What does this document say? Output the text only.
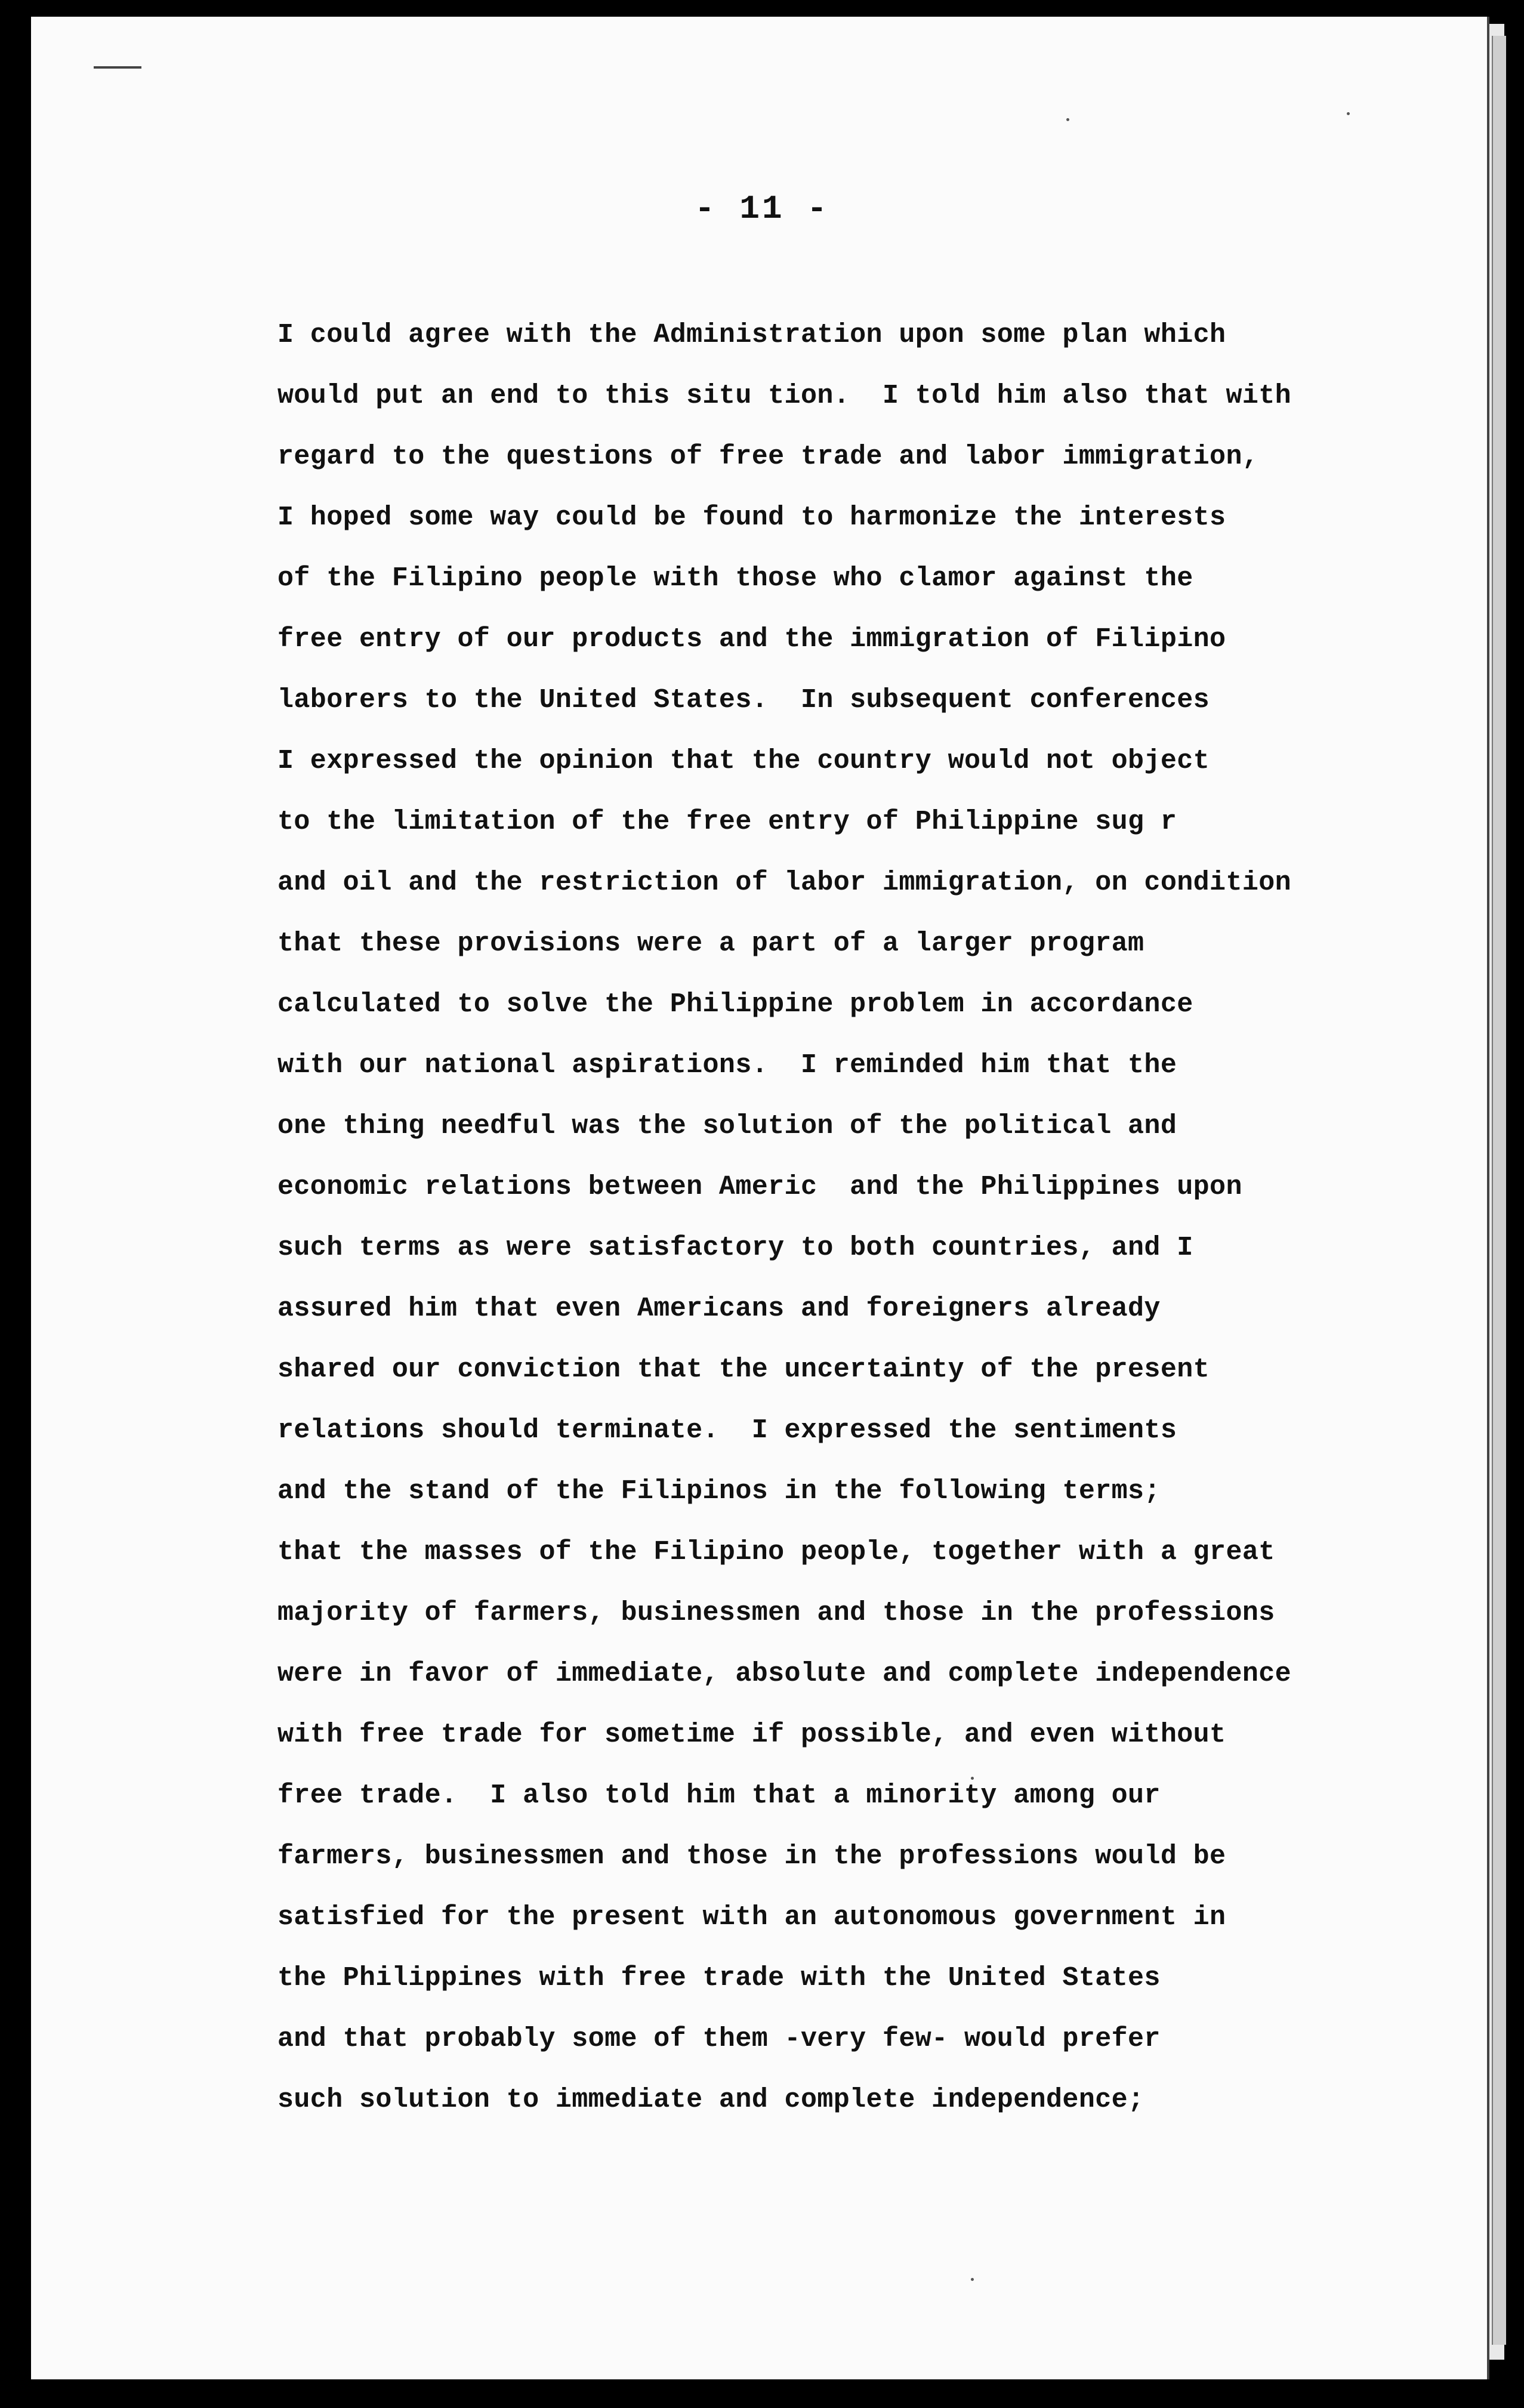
- 11 -
I could agree with the Administration upon some plan which
would put an end to this situ tion.  I told him also that with
regard to the questions of free trade and labor immigration,
I hoped some way could be found to harmonize the interests
of the Filipino people with those who clamor against the
free entry of our products and the immigration of Filipino
laborers to the United States.  In subsequent conferences
I expressed the opinion that the country would not object
to the limitation of the free entry of Philippine sug r
and oil and the restriction of labor immigration, on condition
that these provisions were a part of a larger program
calculated to solve the Philippine problem in accordance
with our national aspirations.  I reminded him that the
one thing needful was the solution of the political and
economic relations between Americ  and the Philippines upon
such terms as were satisfactory to both countries, and I
assured him that even Americans and foreigners already
shared our conviction that the uncertainty of the present
relations should terminate.  I expressed the sentiments
and the stand of the Filipinos in the following terms;
that the masses of the Filipino people, together with a great
majority of farmers, businessmen and those in the professions
were in favor of immediate, absolute and complete independence
with free trade for sometime if possible, and even without
free trade.  I also told him that a minority among our
farmers, businessmen and those in the professions would be
satisfied for the present with an autonomous government in
the Philippines with free trade with the United States
and that probably some of them -very few- would prefer
such solution to immediate and complete independence;
